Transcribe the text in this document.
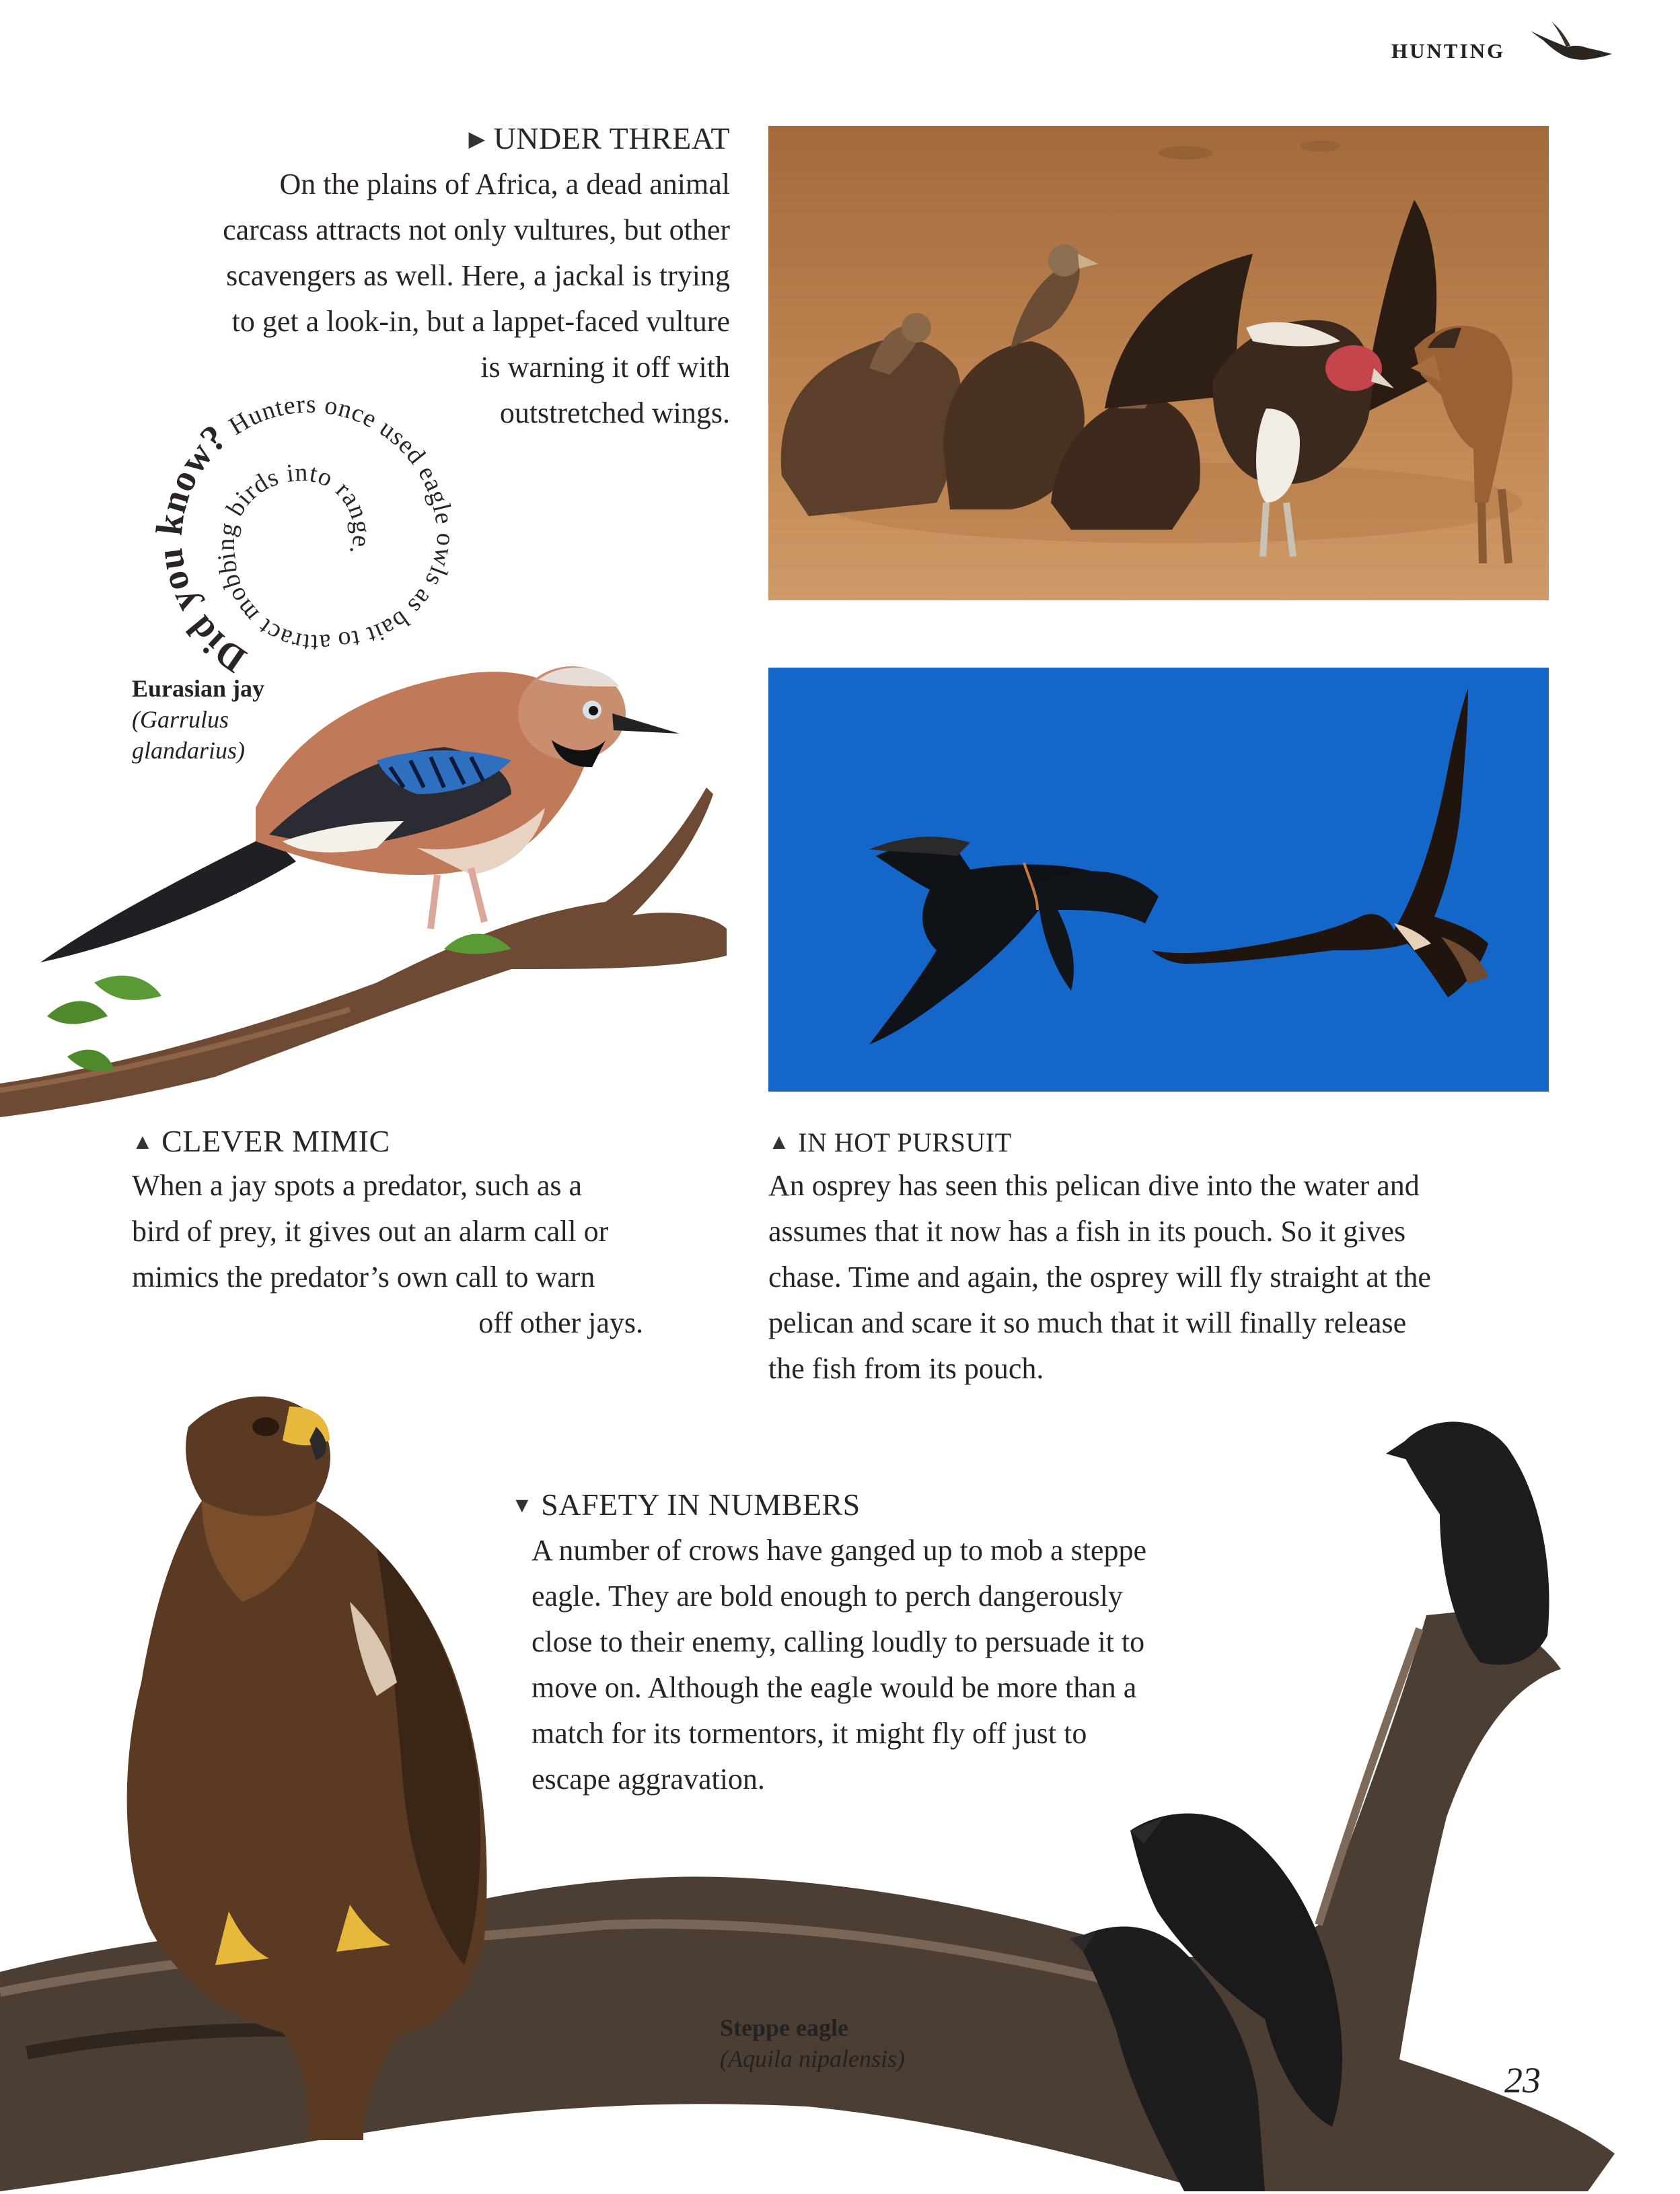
HUNTING
▶ UNDER THREAT
On the plains of Africa, a dead animal
carcass attracts not only vultures, but other
scavengers as well. Here, a jackal is trying
to get a look-in, but a lappet-faced vulture
is warning it off with
outstretched wings.
Did you know?Hunters once used eagle owls as bait to attract mobbing birds into range.
Eurasian jay
(Garrulus
glandarius)
▲ CLEVER MIMIC
When a jay spots a predator, such as a
bird of prey, it gives out an alarm call or
mimics the predator’s own call to warn
off other jays.
▲ IN HOT PURSUIT
An osprey has seen this pelican dive into the water and
assumes that it now has a fish in its pouch. So it gives
chase. Time and again, the osprey will fly straight at the
pelican and scare it so much that it will finally release
the fish from its pouch.
▼ SAFETY IN NUMBERS
A number of crows have ganged up to mob a steppe
eagle. They are bold enough to perch dangerously
close to their enemy, calling loudly to persuade it to
move on. Although the eagle would be more than a
match for its tormentors, it might fly off just to
escape aggravation.
Steppe eagle
(Aquila nipalensis)
23
